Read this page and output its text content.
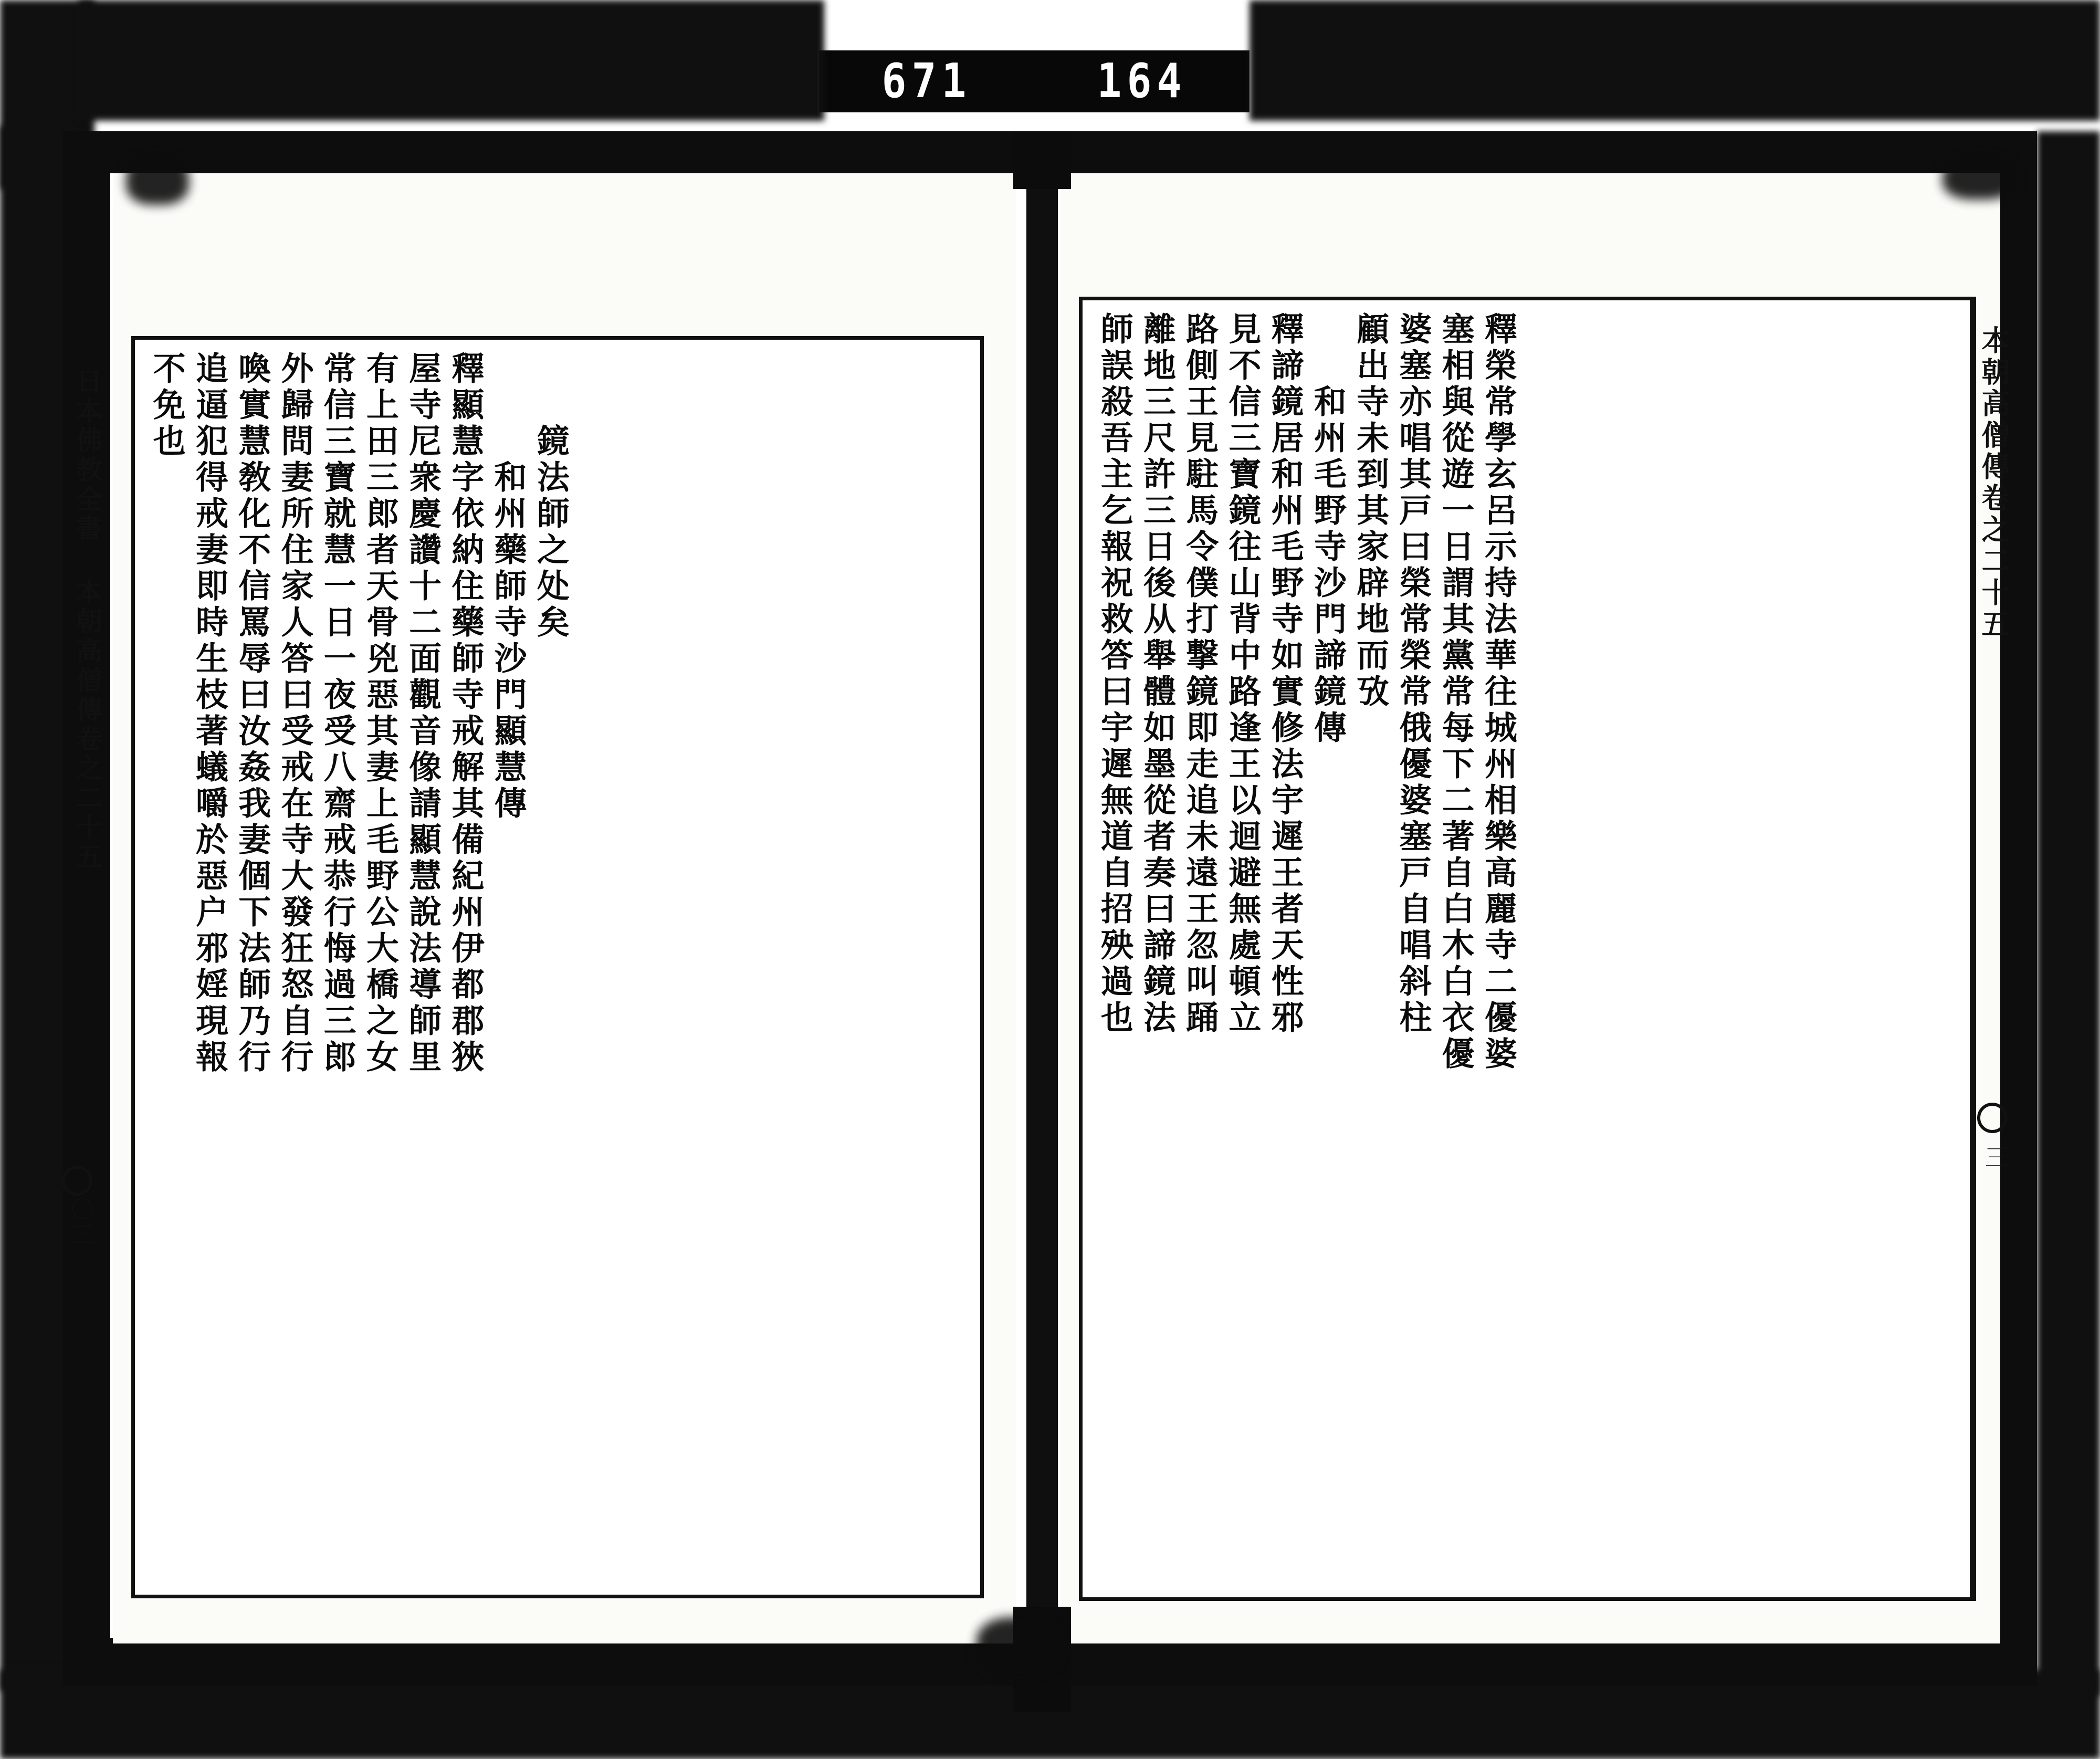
671	164
釋榮常學玄呂示持法華往城州相樂高麗寺二優婆
塞相與從遊一日謂其黨常每下二著自白木白衣優
婆塞亦唱其戸曰榮常榮常俄優婆塞戸自唱斜柱
顧出寺未到其家辟地而攷
　　和州毛野寺沙門諦鏡傳
釋諦鏡居和州毛野寺如實修法宇遲王者天性邪
見不信三寶鏡往山背中路逢王以迴避無處頓立
路側王見駐馬令僕打撃鏡即走追未遠王忽叫踊
離地三尺許三日後从舉體如墨從者奏曰諦鏡法
師誤殺吾主乞報祝救答曰宇遲無道自招殃過也
　　鏡法師之处矣
　　　和州藥師寺沙門顯慧傳
釋顯慧字依納住藥師寺戒解其備紀州伊都郡狹
屋寺尼衆慶讚十二面觀音像請顯慧說法導師里
有上田三郎者天骨兇惡其妻上毛野公大橋之女
常信三寶就慧一日一夜受八齋戒恭行悔過三郎
外歸問妻所住家人答曰受戒在寺大發狂怒自行
喚實慧敎化不信罵辱曰汝姦我妻個下法師乃行
追逼犯得戒妻即時生枝著蟻嚼於惡户邪婬現報
不免也	本朝高僧傳卷之二十五
三
日本佛教全書 本朝高僧傳卷之二十五
〇三
